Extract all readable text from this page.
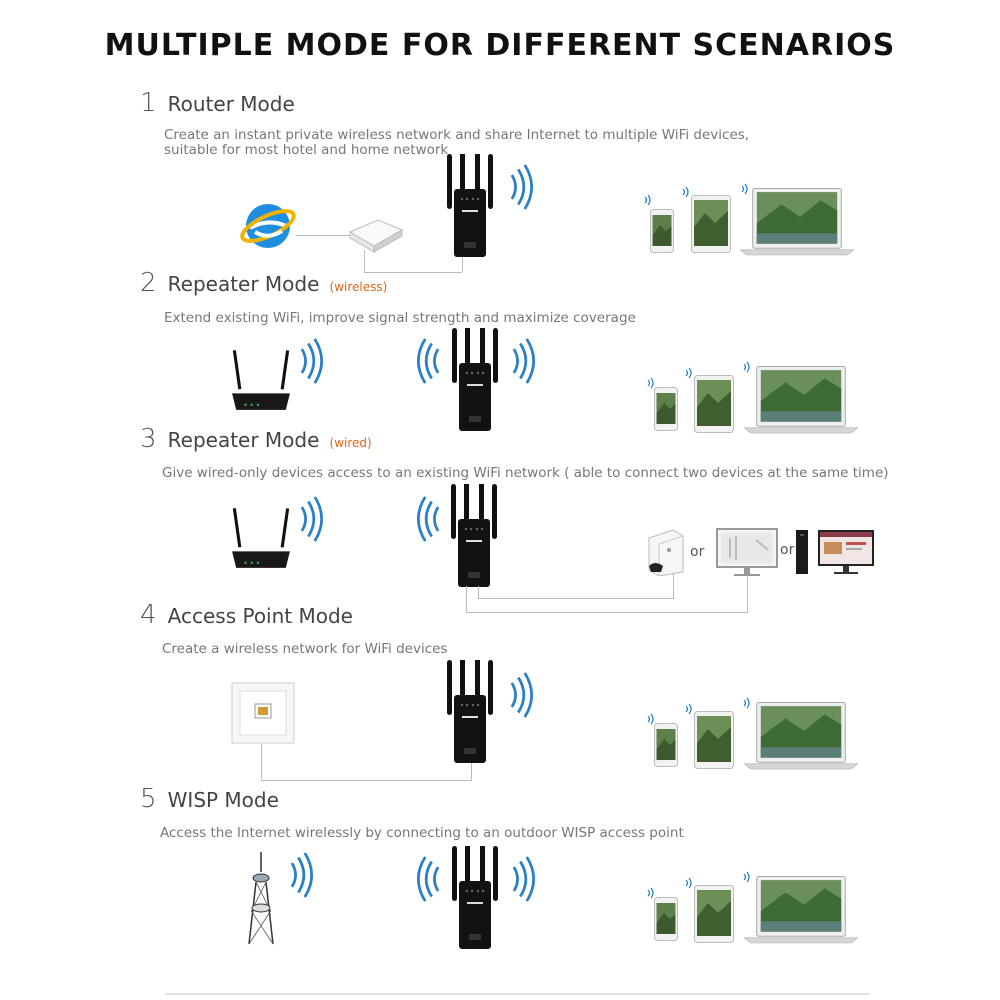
MULTIPLE MODE FOR DIFFERENT SCENARIOS
1 Router Mode
Create an instant private wireless network and share Internet to multiple WiFi devices,
suitable for most hotel and home network
2 Repeater Mode (wireless)
Extend existing WiFi, improve signal strength and maximize coverage
3 Repeater Mode (wired)
Give wired-only devices access to an existing WiFi network ( able to connect two devices at the same time)
or	or
4 Access Point Mode
Create a wireless network for WiFi devices
5 WISP Mode
Access the Internet wirelessly by connecting to an outdoor WISP access point
